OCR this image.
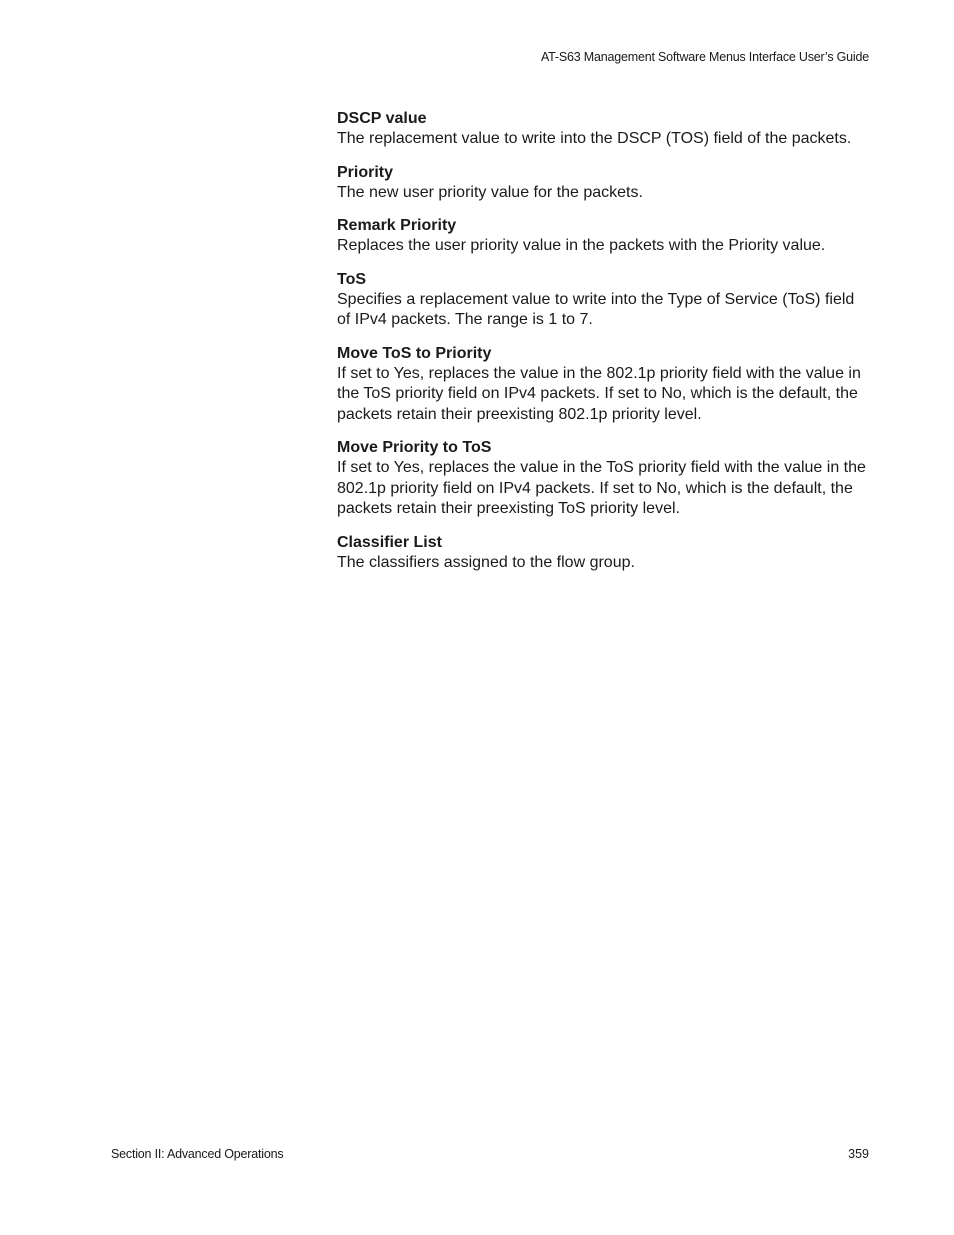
AT-S63 Management Software Menus Interface User’s Guide

DSCP value

The replacement value to write into the DSCP (TOS) field of the packets.

Priority

The new user priority value for the packets.

Remark Priority

Replaces the user priority value in the packets with the Priority value.

ToS

Specifies a replacement value to write into the Type of Service (ToS) field of IPv4 packets. The range is 1 to 7.

Move ToS to Priority

If set to Yes, replaces the value in the 802.1p priority field with the value in the ToS priority field on IPv4 packets. If set to No, which is the default, the packets retain their preexisting 802.1p priority level.

Move Priority to ToS

If set to Yes, replaces the value in the ToS priority field with the value in the 802.1p priority field on IPv4 packets. If set to No, which is the default, the packets retain their preexisting ToS priority level.

Classifier List

The classifiers assigned to the flow group.

Section II: Advanced Operations	359
